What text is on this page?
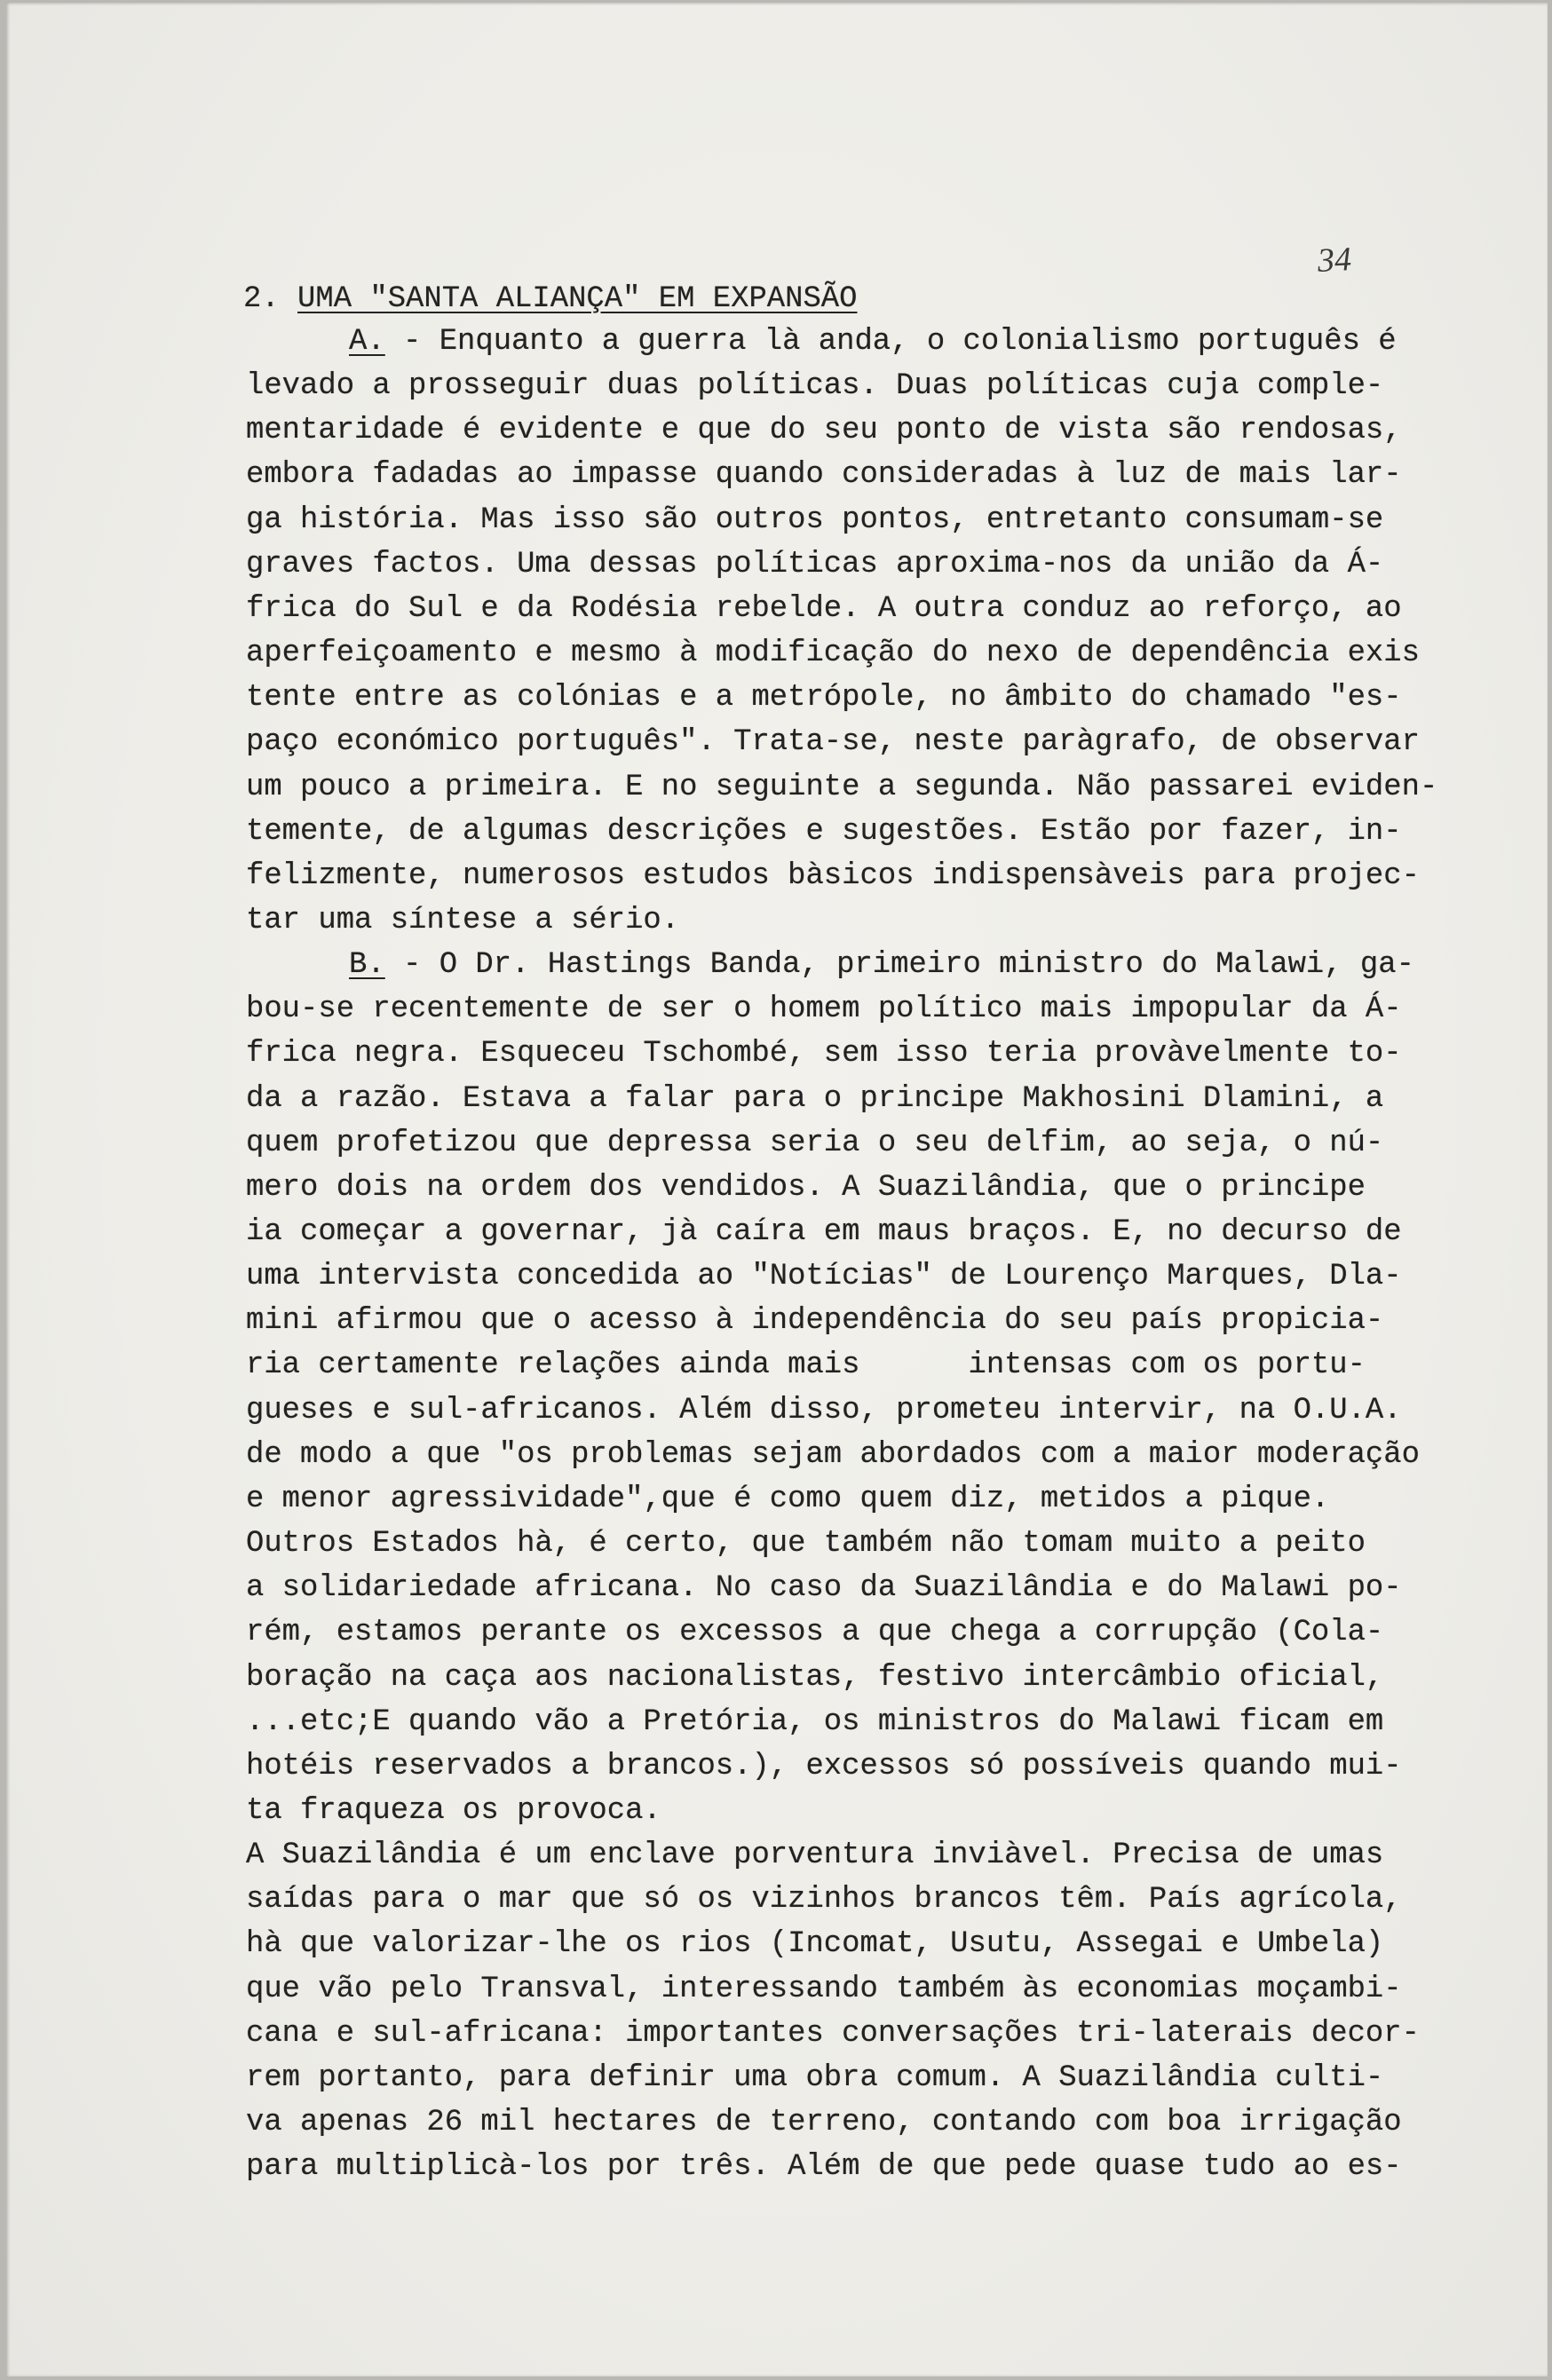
34
2. UMA "SANTA ALIANÇA" EM EXPANSÃO
A. - Enquanto a guerra là anda, o colonialismo português é
levado a prosseguir duas políticas. Duas políticas cuja comple-
mentaridade é evidente e que do seu ponto de vista são rendosas,
embora fadadas ao impasse quando consideradas à luz de mais lar-
ga história. Mas isso são outros pontos, entretanto consumam-se
graves factos. Uma dessas políticas aproxima-nos da união da Á-
frica do Sul e da Rodésia rebelde. A outra conduz ao reforço, ao
aperfeiçoamento e mesmo à modificação do nexo de dependência exis
tente entre as colónias e a metrópole, no âmbito do chamado "es-
paço económico português". Trata-se, neste paràgrafo, de observar
um pouco a primeira. E no seguinte a segunda. Não passarei eviden-
temente, de algumas descrições e sugestões. Estão por fazer, in-
felizmente, numerosos estudos bàsicos indispensàveis para projec-
tar uma síntese a sério.
B. - O Dr. Hastings Banda, primeiro ministro do Malawi, ga-
bou-se recentemente de ser o homem político mais impopular da Á-
frica negra. Esqueceu Tschombé, sem isso teria provàvelmente to-
da a razão. Estava a falar para o principe Makhosini Dlamini, a
quem profetizou que depressa seria o seu delfim, ao seja, o nú-
mero dois na ordem dos vendidos. A Suazilândia, que o principe
ia começar a governar, jà caíra em maus braços. E, no decurso de
uma intervista concedida ao "Notícias" de Lourenço Marques, Dla-
mini afirmou que o acesso à independência do seu país propicia-
ria certamente relações ainda mais      intensas com os portu-
gueses e sul-africanos. Além disso, prometeu intervir, na O.U.A.
de modo a que "os problemas sejam abordados com a maior moderação
e menor agressividade",que é como quem diz, metidos a pique.
Outros Estados hà, é certo, que também não tomam muito a peito
a solidariedade africana. No caso da Suazilândia e do Malawi po-
rém, estamos perante os excessos a que chega a corrupção (Cola-
boração na caça aos nacionalistas, festivo intercâmbio oficial,
...etc;E quando vão a Pretória, os ministros do Malawi ficam em
hotéis reservados a brancos.), excessos só possíveis quando mui-
ta fraqueza os provoca.
A Suazilândia é um enclave porventura inviàvel. Precisa de umas
saídas para o mar que só os vizinhos brancos têm. País agrícola,
hà que valorizar-lhe os rios (Incomat, Usutu, Assegai e Umbela)
que vão pelo Transval, interessando também às economias moçambi-
cana e sul-africana: importantes conversações tri-laterais decor-
rem portanto, para definir uma obra comum. A Suazilândia culti-
va apenas 26 mil hectares de terreno, contando com boa irrigação
para multiplicà-los por três. Além de que pede quase tudo ao es-
